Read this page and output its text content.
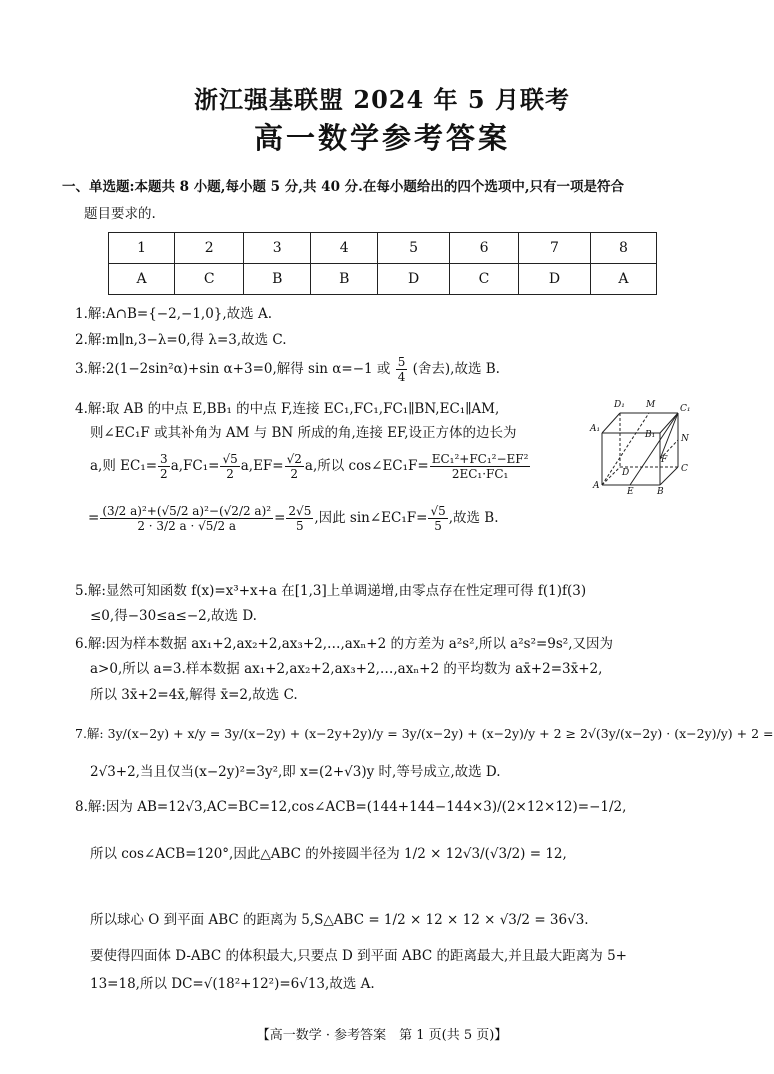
浙江强基联盟 2024 年 5 月联考
高一数学参考答案
一、单选题:本题共 8 小题,每小题 5 分,共 40 分.在每小题给出的四个选项中,只有一项是符合
题目要求的.
1	2	3	4	5	6	7	8
A	C	B	B	D	C	D	A
1.解:A∩B={−2,−1,0},故选 A.
2.解:m∥n,3−λ=0,得 λ=3,故选 C.
3.解:2(1−2sin²α)+sin α+3=0,解得 sin α=−1 或 $\frac{5}{4}$ (舍去),故选 B.
4.解:取 AB 的中点 E,BB₁ 的中点 F,连接 EC₁,FC₁,FC₁∥BN,EC₁∥AM,
则∠EC₁F 或其补角为 AM 与 BN 所成的角,连接 EF,设正方体的边长为
a,则 $EC_1= \frac{3}{2} a,FC_1= \frac{√5}{2} a,EF= \frac{√2}{2} a$,所以 cos∠EC₁F= $\frac{\text{EC₁²+FC₁²−EF²}}{\text{2EC₁·FC₁}}$
= $\frac{\text{(3/2 a)²+(√5/2 a)²−(√2/2 a)²}}{2 \cdot 3/2 a \cdot √5/2 a} = \frac{2√5}{5}$ ,因此 sin∠EC₁F= $\frac{√5}{5}$ ,故选 B.
D₁ M	C₁
A₁
B₁	N
D
F
C
A
E	B
5.解:显然可知函数 f(x)=x³+x+a 在[1,3]上单调递增,由零点存在性定理可得 f(1)f(3)
≤0,得−30≤a≤−2,故选 D.
6.解:因为样本数据 ax₁+2,ax₂+2,ax₃+2,…,axₙ+2 的方差为 a²s²,所以 a²s²=9s²,又因为
a>0,所以 a=3.样本数据 ax₁+2,ax₂+2,ax₃+2,…,axₙ+2 的平均数为 ax̄+2=3x̄+2,
所以 3x̄+2=4x̄,解得 x̄=2,故选 C.
7.解: 3y/(x−2y) + x/y = 3y/(x−2y) + (x−2y+2y)/y = 3y/(x−2y) + (x−2y)/y + 2 ≥ 2√(3y/(x−2y) · (x−2y)/y) + 2 =
2√3+2,当且仅当(x−2y)²=3y²,即 x=(2+√3)y 时,等号成立,故选 D.
8.解:因为 AB=12√3,AC=BC=12,cos∠ACB=(144+144−144×3)/(2×12×12)=−1/2,
所以 cos∠ACB=120°,因此△ABC 的外接圆半径为 1/2 × 12√3/(√3/2) = 12,
所以球心 O 到平面 ABC 的距离为 5,S△ABC = 1/2 × 12 × 12 × √3/2 = 36√3.
要使得四面体 D-ABC 的体积最大,只要点 D 到平面 ABC 的距离最大,并且最大距离为 5+
13=18,所以 DC=√(18²+12²)=6√13,故选 A.
【高一数学 · 参考答案　第 1 页(共 5 页)】
